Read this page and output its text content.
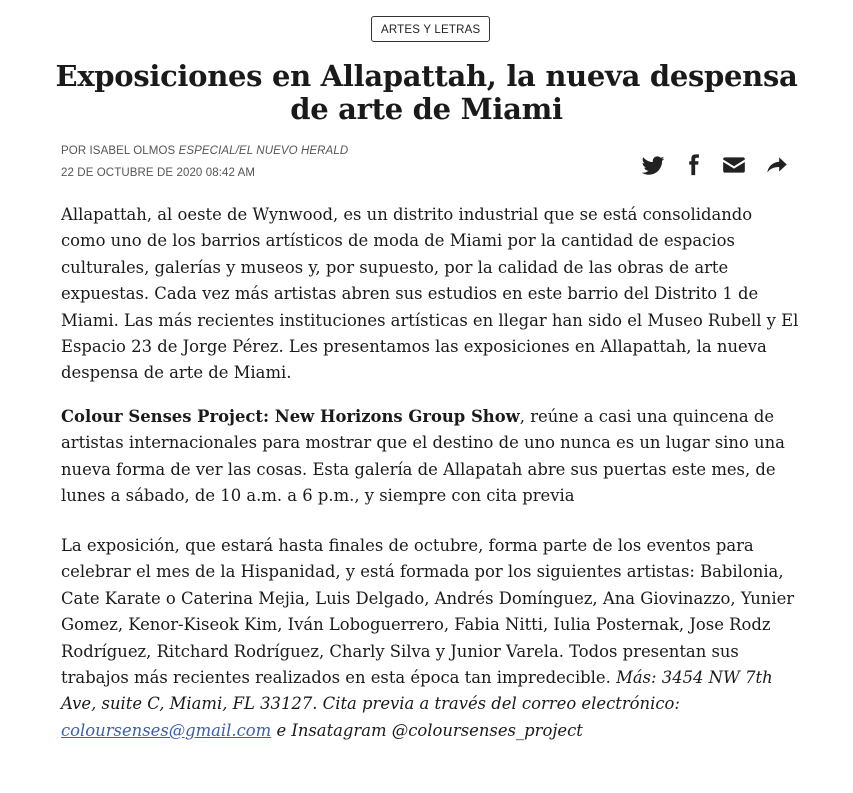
ARTES Y LETRAS
Exposiciones en Allapattah, la nueva despensa de arte de Miami
POR ISABEL OLMOS ESPECIAL/EL NUEVO HERALD
22 DE OCTUBRE DE 2020 08:42 AM

Allapattah, al oeste de Wynwood, es un distrito industrial que se está consolidando como uno de los barrios artísticos de moda de Miami por la cantidad de espacios culturales, galerías y museos y, por supuesto, por la calidad de las obras de arte expuestas. Cada vez más artistas abren sus estudios en este barrio del Distrito 1 de Miami. Las más recientes instituciones artísticas en llegar han sido el Museo Rubell y El Espacio 23 de Jorge Pérez. Les presentamos las exposiciones en Allapattah, la nueva despensa de arte de Miami.

Colour Senses Project: New Horizons Group Show, reúne a casi una quincena de artistas internacionales para mostrar que el destino de uno nunca es un lugar sino una nueva forma de ver las cosas. Esta galería de Allapatah abre sus puertas este mes, de lunes a sábado, de 10 a.m. a 6 p.m., y siempre con cita previa

La exposición, que estará hasta finales de octubre, forma parte de los eventos para celebrar el mes de la Hispanidad, y está formada por los siguientes artistas: Babilonia, Cate Karate o Caterina Mejia, Luis Delgado, Andrés Domínguez, Ana Giovinazzo, Yunier Gomez, Kenor-Kiseok Kim, Iván Loboguerrero, Fabia Nitti, Iulia Posternak, Jose Rodz Rodríguez, Ritchard Rodríguez, Charly Silva y Junior Varela. Todos presentan sus trabajos más recientes realizados en esta época tan impredecible. Más: 3454 NW 7th Ave, suite C, Miami, FL 33127. Cita previa a través del correo electrónico: coloursenses@gmail.com e Insatagram @coloursenses_project
